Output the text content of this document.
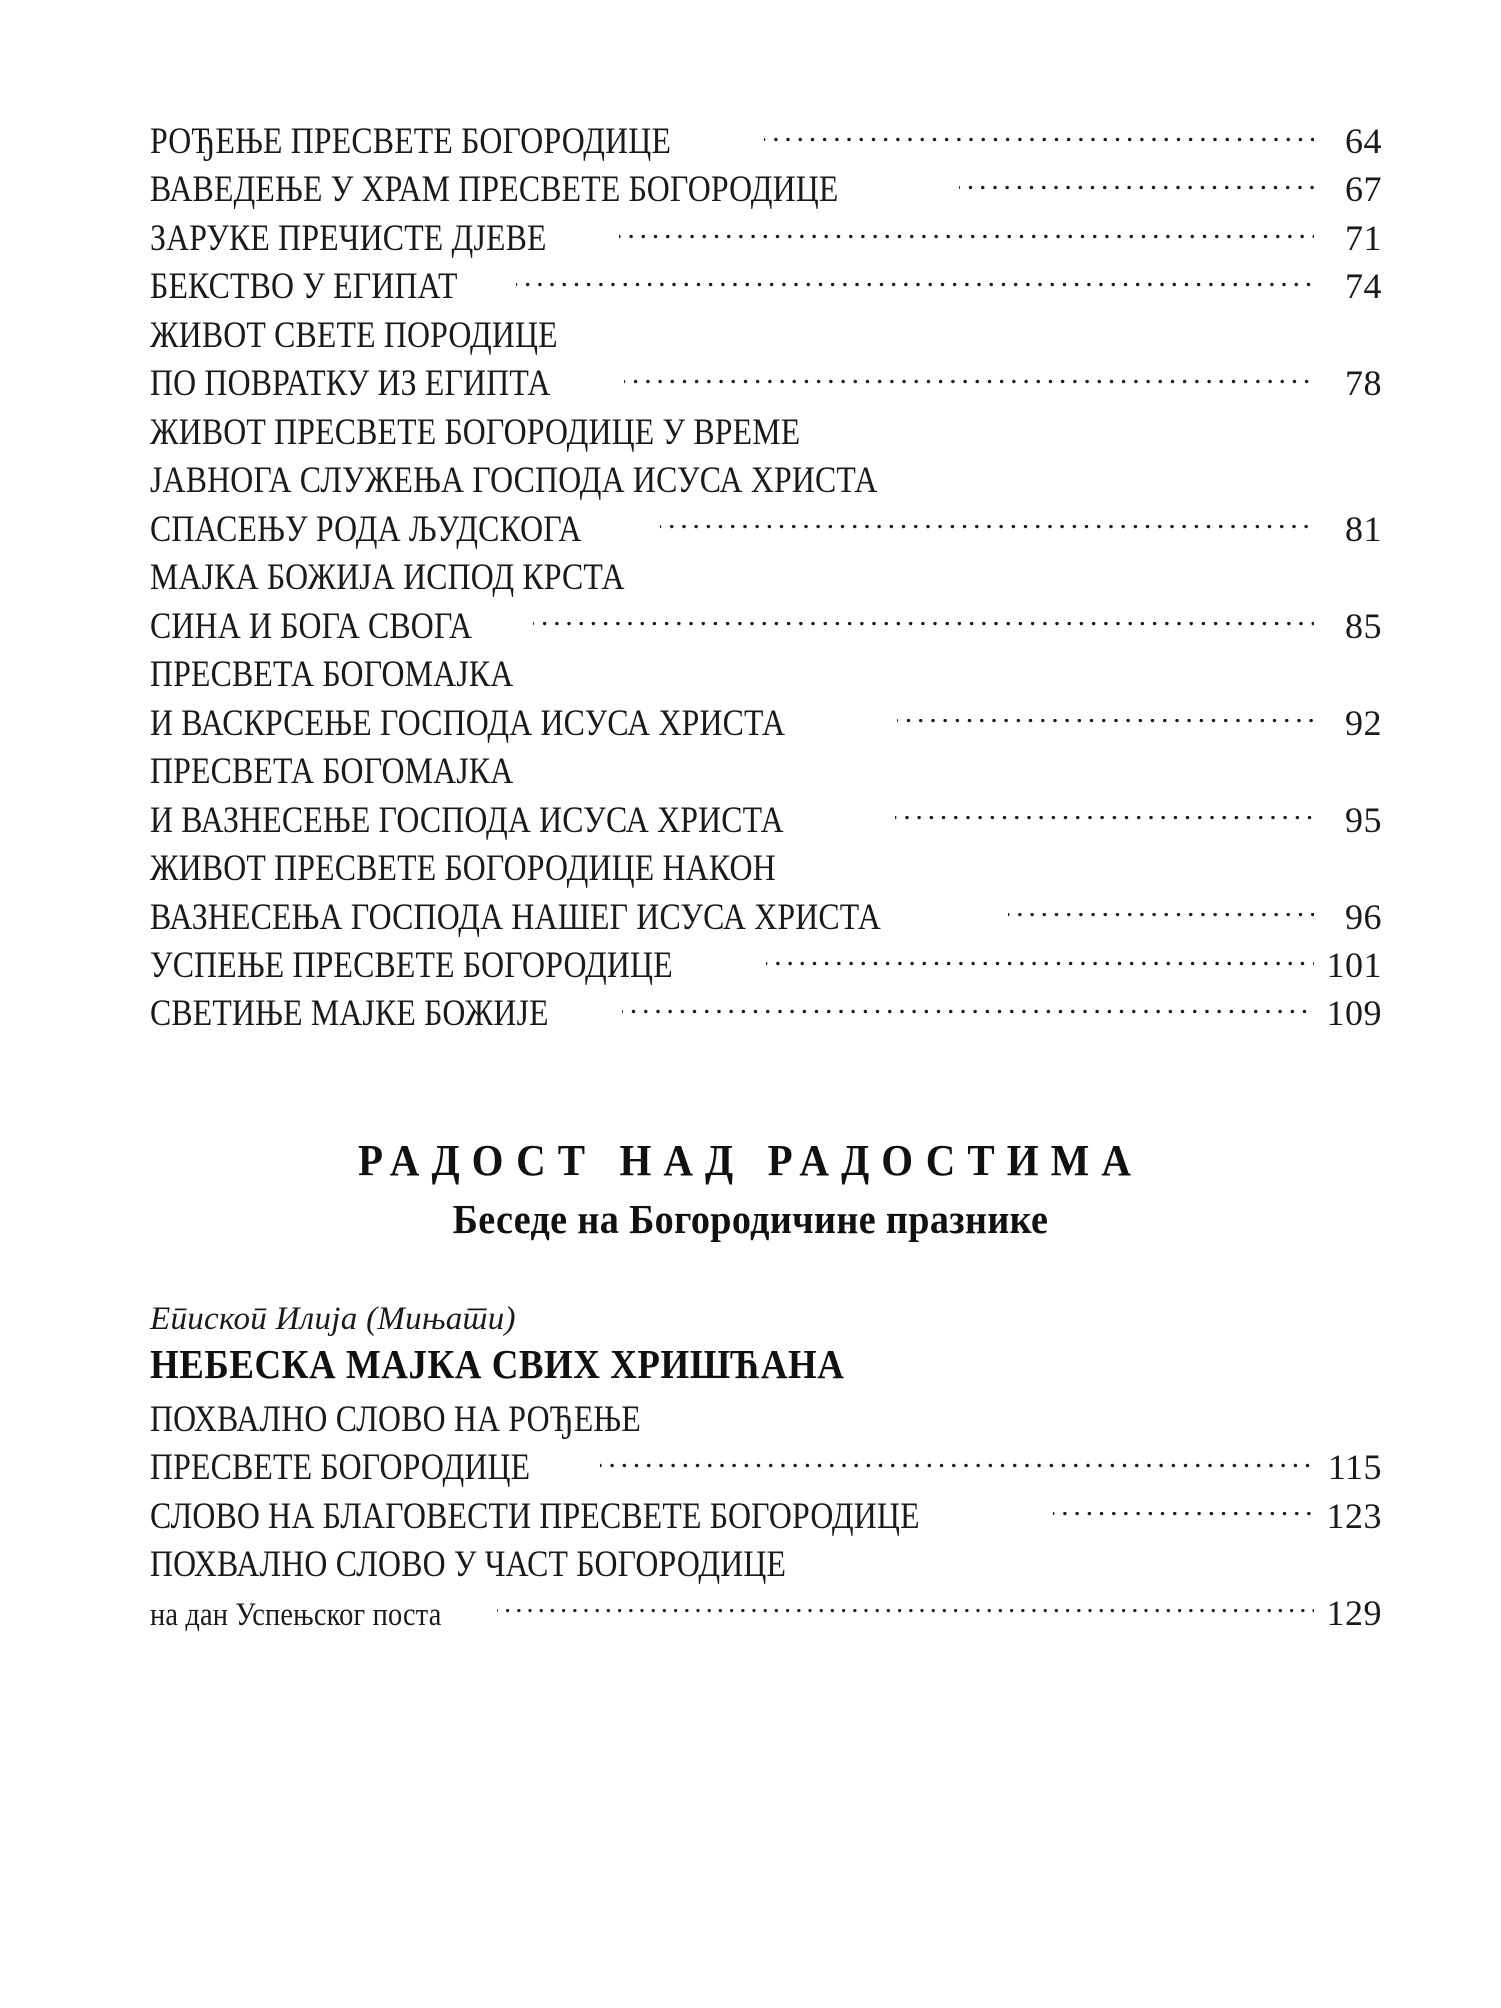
РОЂЕЊЕ ПРЕСВЕТЕ БОГОРОДИЦЕ . . .	64
ВАВЕДЕЊЕ У ХРАМ ПРЕСВЕТЕ БОГОРОДИЦЕ . . .	67
ЗАРУКЕ ПРЕЧИСТЕ ДЈЕВЕ . . .	71
БЕКСТВО У ЕГИПАТ . . .	74
ЖИВОТ СВЕТЕ ПОРОДИЦЕ
ПО ПОВРАТКУ ИЗ ЕГИПТА . . .	78
ЖИВОТ ПРЕСВЕТЕ БОГОРОДИЦЕ У ВРЕМЕ
ЈАВНОГА СЛУЖЕЊА ГОСПОДА ИСУСА ХРИСТА
СПАСЕЊУ РОДА ЉУДСКОГА . . .	81
МАЈКА БОЖИЈА ИСПОД КРСТА
СИНА И БОГА СВОГА . . .	85
ПРЕСВЕТА БОГОМАЈКА
И ВАСКРСЕЊЕ ГОСПОДА ИСУСА ХРИСТА . . .	92
ПРЕСВЕТА БОГОМАЈКА
И ВАЗНЕСЕЊЕ ГОСПОДА ИСУСА ХРИСТА . . .	95
ЖИВОТ ПРЕСВЕТЕ БОГОРОДИЦЕ НАКОН
ВАЗНЕСЕЊА ГОСПОДА НАШЕГ ИСУСА ХРИСТА . . .	96
УСПЕЊЕ ПРЕСВЕТЕ БОГОРОДИЦЕ . . .	101
СВЕТИЊЕ МАЈКЕ БОЖИЈЕ . . .	109
РАДОСТ НАД РАДОСТИМА
Беседе на Богородичине празнике
Епископ Илија (Мињати)
НЕБЕСКА МАЈКА СВИХ ХРИШЋАНА
ПОХВАЛНО СЛОВО НА РОЂЕЊЕ
ПРЕСВЕТЕ БОГОРОДИЦЕ . . .	115
СЛОВО НА БЛАГОВЕСТИ ПРЕСВЕТЕ БОГОРОДИЦЕ . . .	123
ПОХВАЛНО СЛОВО У ЧАСТ БОГОРОДИЦЕ
на дан Успењског поста . . .	129
